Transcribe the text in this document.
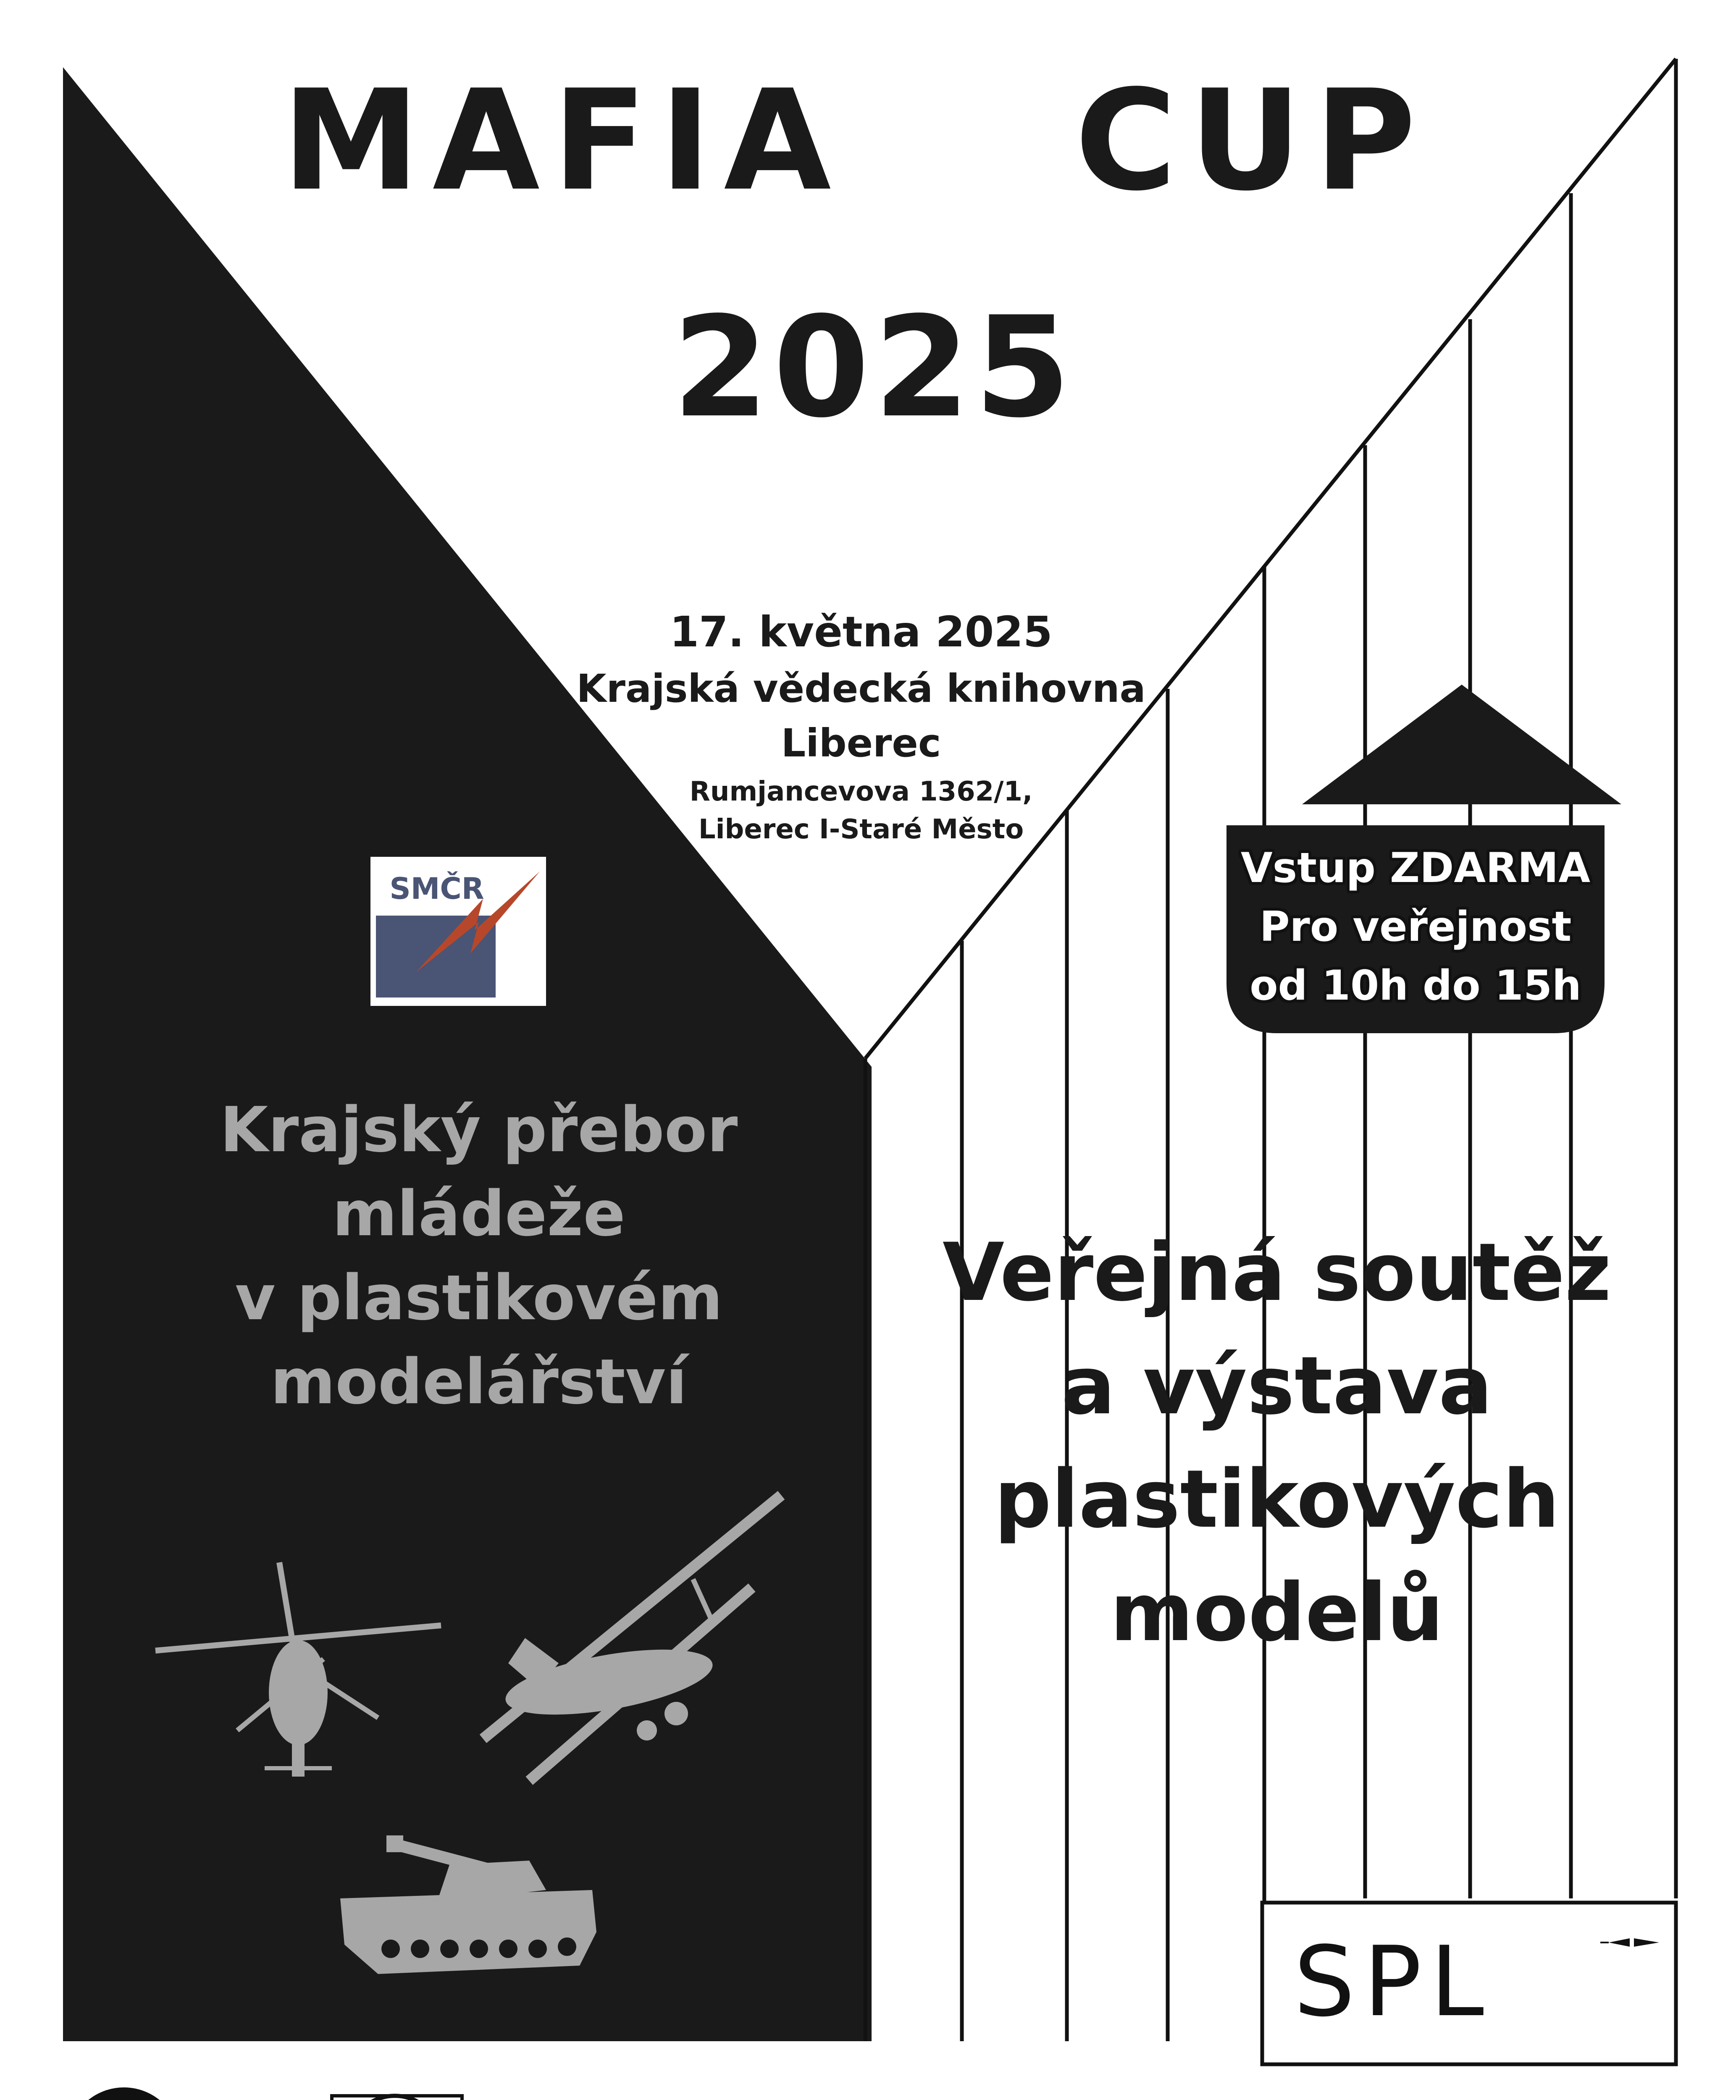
MAFIA	CUP
2025
17. května 2025
Krajská vědecká knihovna
Liberec
Rumjancevova 1362/1,
Liberec I-Staré Město
Vstup ZDARMA
Pro veřejnost
od 10h do 15h
SMČR
Krajský přebor
mládeže
v plastikovém
modelářství
Veřejná soutěž
a výstava
plastikových
modelů
SPL
